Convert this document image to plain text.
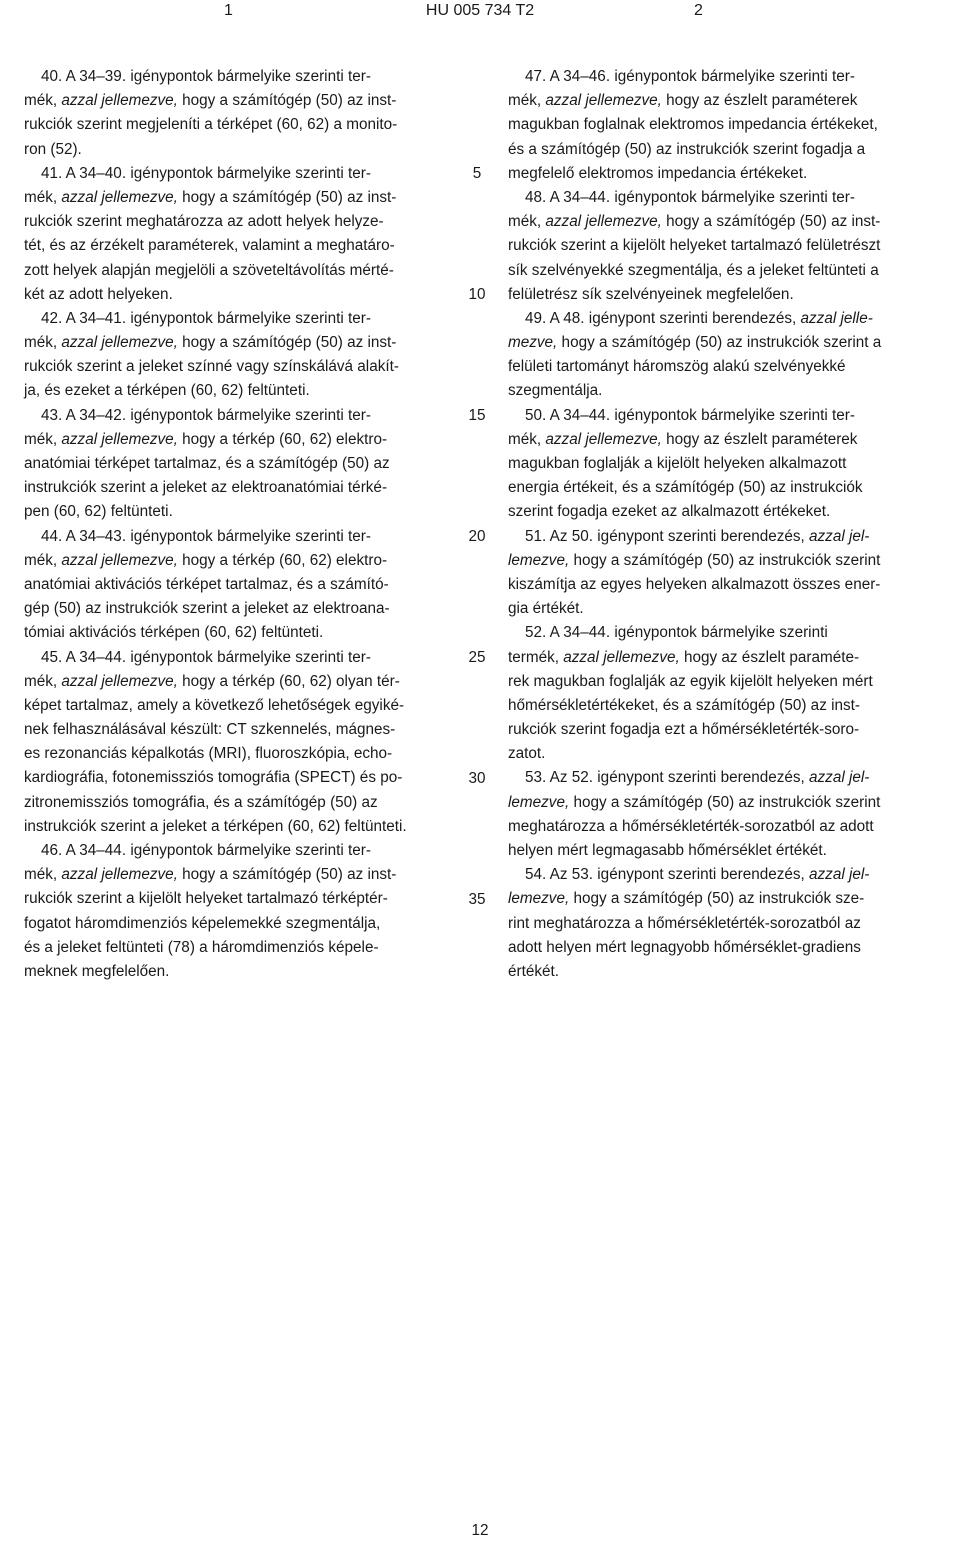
1	HU 005 734 T2	2
40. A 34–39. igénypontok bármelyike szerinti ter-
mék, azzal jellemezve, hogy a számítógép (50) az inst-
rukciók szerint megjeleníti a térképet (60, 62) a monito-
ron (52).
41. A 34–40. igénypontok bármelyike szerinti ter-
mék, azzal jellemezve, hogy a számítógép (50) az inst-
rukciók szerint meghatározza az adott helyek helyze-
tét, és az érzékelt paraméterek, valamint a meghatáro-
zott helyek alapján megjelöli a szöveteltávolítás mérté-
két az adott helyeken.
42. A 34–41. igénypontok bármelyike szerinti ter-
mék, azzal jellemezve, hogy a számítógép (50) az inst-
rukciók szerint a jeleket színné vagy színskálává alakít-
ja, és ezeket a térképen (60, 62) feltünteti.
43. A 34–42. igénypontok bármelyike szerinti ter-
mék, azzal jellemezve, hogy a térkép (60, 62) elektro-
anatómiai térképet tartalmaz, és a számítógép (50) az
instrukciók szerint a jeleket az elektroanatómiai térké-
pen (60, 62) feltünteti.
44. A 34–43. igénypontok bármelyike szerinti ter-
mék, azzal jellemezve, hogy a térkép (60, 62) elektro-
anatómiai aktivációs térképet tartalmaz, és a számító-
gép (50) az instrukciók szerint a jeleket az elektroana-
tómiai aktivációs térképen (60, 62) feltünteti.
45. A 34–44. igénypontok bármelyike szerinti ter-
mék, azzal jellemezve, hogy a térkép (60, 62) olyan tér-
képet tartalmaz, amely a következő lehetőségek egyiké-
nek felhasználásával készült: CT szkennelés, mágnes-
es rezonanciás képalkotás (MRI), fluoroszkópia, echo-
kardiográfia, fotonemissziós tomográfia (SPECT) és po-
zitronemissziós tomográfia, és a számítógép (50) az
instrukciók szerint a jeleket a térképen (60, 62) feltünteti.
46. A 34–44. igénypontok bármelyike szerinti ter-
mék, azzal jellemezve, hogy a számítógép (50) az inst-
rukciók szerint a kijelölt helyeket tartalmazó térképtér-
fogatot háromdimenziós képelemekké szegmentálja,
és a jeleket feltünteti (78) a háromdimenziós képele-
meknek megfelelően.
47. A 34–46. igénypontok bármelyike szerinti ter-
mék, azzal jellemezve, hogy az észlelt paraméterek
magukban foglalnak elektromos impedancia értékeket,
és a számítógép (50) az instrukciók szerint fogadja a
megfelelő elektromos impedancia értékeket.
48. A 34–44. igénypontok bármelyike szerinti ter-
mék, azzal jellemezve, hogy a számítógép (50) az inst-
rukciók szerint a kijelölt helyeket tartalmazó felületrészt
sík szelvényekké szegmentálja, és a jeleket feltünteti a
felületrész sík szelvényeinek megfelelően.
49. A 48. igénypont szerinti berendezés, azzal jelle-
mezve, hogy a számítógép (50) az instrukciók szerint a
felületi tartományt háromszög alakú szelvényekké
szegmentálja.
50. A 34–44. igénypontok bármelyike szerinti ter-
mék, azzal jellemezve, hogy az észlelt paraméterek
magukban foglalják a kijelölt helyeken alkalmazott
energia értékeit, és a számítógép (50) az instrukciók
szerint fogadja ezeket az alkalmazott értékeket.
51. Az 50. igénypont szerinti berendezés, azzal jel-
lemezve, hogy a számítógép (50) az instrukciók szerint
kiszámítja az egyes helyeken alkalmazott összes ener-
gia értékét.
52. A 34–44. igénypontok bármelyike szerinti
termék, azzal jellemezve, hogy az észlelt paraméte-
rek magukban foglalják az egyik kijelölt helyeken mért
hőmérsékletértékeket, és a számítógép (50) az inst-
rukciók szerint fogadja ezt a hőmérsékletérték-soro-
zatot.
53. Az 52. igénypont szerinti berendezés, azzal jel-
lemezve, hogy a számítógép (50) az instrukciók szerint
meghatározza a hőmérsékletérték-sorozatból az adott
helyen mért legmagasabb hőmérséklet értékét.
54. Az 53. igénypont szerinti berendezés, azzal jel-
lemezve, hogy a számítógép (50) az instrukciók sze-
rint meghatározza a hőmérsékletérték-sorozatból az
adott helyen mért legnagyobb hőmérséklet-gradiens
értékét.
5
10
15
20
25
30
35
12
